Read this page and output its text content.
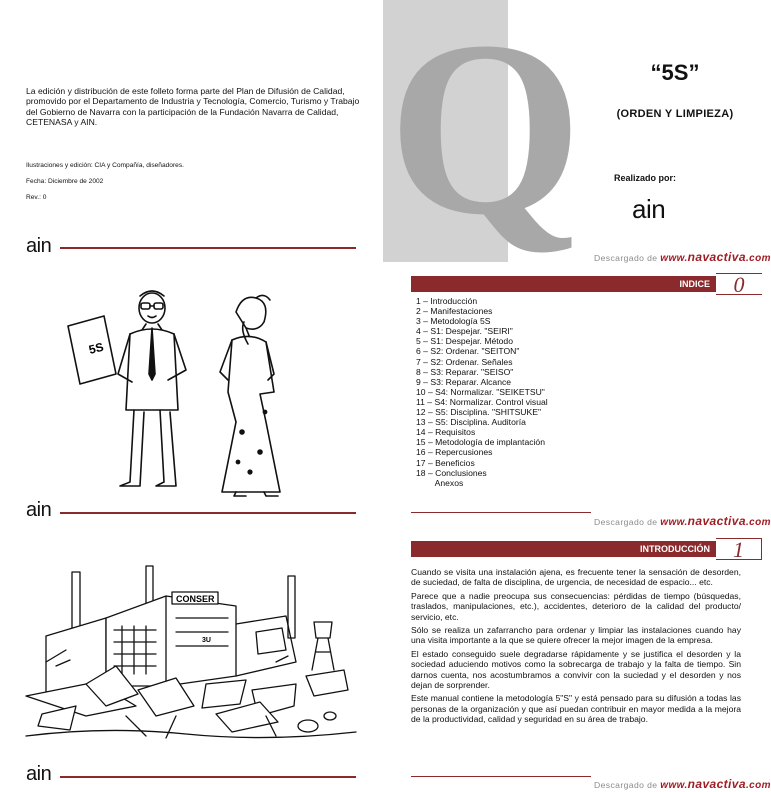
La edición y distribución de este folleto forma parte del Plan de Difusión de Calidad, promovido por el Departamento de Industria y Tecnología, Comercio, Turismo y Trabajo del Gobierno de Navarra con la participación de la Fundación Navarra de Calidad, CETENASA y AIN.

Ilustraciones y edición: CIA y Compañía, diseñadores.
Fecha: Diciembre de 2002
Rev.: 0
ain
5S
ain
CONSER
3U
ain
Q	“5S”
(ORDEN Y LIMPIEZA)
Realizado por:
ain
Descargado de www.navactiva.com
INDICE	0
1 – Introducción
2 – Manifestaciones
3 – Metodología 5S
4 – S1: Despejar. "SEIRI"
5 – S1: Despejar. Método
6 – S2: Ordenar. "SEITON"
7 – S2: Ordenar. Señales
8 – S3: Reparar. "SEISO"
9 – S3: Reparar. Alcance
10 – S4: Normalizar. "SEIKETSU"
11 – S4: Normalizar. Control visual
12 – S5: Disciplina. "SHITSUKE"
13 – S5: Disciplina. Auditoría
14 – Requisitos
15 – Metodología de implantación
16 – Repercusiones
17 – Beneficios
18 – Conclusiones
Anexos
Descargado de www.navactiva.com
INTRODUCCIÓN	1

Cuando se visita una instalación ajena, es frecuente tener la sensación de desorden, de suciedad, de falta de disciplina, de urgencia, de necesidad de espacio... etc.

Parece que a nadie preocupa sus consecuencias: pérdidas de tiempo (búsquedas, traslados, manipulaciones, etc.), accidentes, deterioro de la calidad del producto/ servicio, etc.

Sólo se realiza un zafarrancho para ordenar y limpiar las instalaciones cuando hay una visita importante a la que se quiere ofrecer la mejor imagen de la empresa.

El estado conseguido suele degradarse rápidamente y se justifica el desorden y la sociedad aduciendo motivos como la sobrecarga de trabajo y la falta de tiempo. Sin darnos cuenta, nos acostumbramos a convivir con la suciedad y el desorden y nos dejan de sorprender.

Este manual contiene la metodología 5"S" y está pensado para su difusión a todas las personas de la organización y que así puedan contribuir en mayor medida a la mejora de la productividad, calidad y seguridad en su área de trabajo.

Descargado de www.navactiva.com
